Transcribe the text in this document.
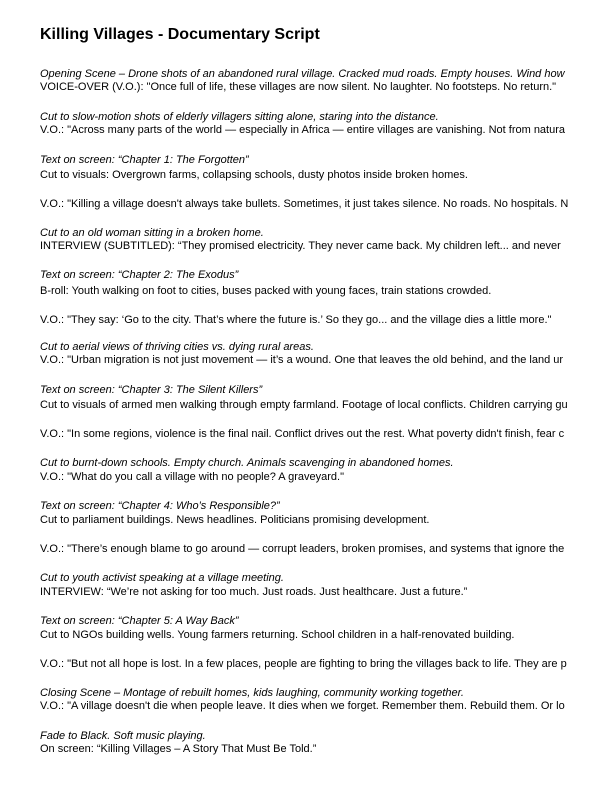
Killing Villages - Documentary Script
Opening Scene – Drone shots of an abandoned rural village. Cracked mud roads. Empty houses. Wind how
VOICE-OVER (V.O.): "Once full of life, these villages are now silent. No laughter. No footsteps. No return."
Cut to slow-motion shots of elderly villagers sitting alone, staring into the distance.
V.O.: "Across many parts of the world — especially in Africa — entire villages are vanishing. Not from natura
Text on screen: “Chapter 1: The Forgotten”
Cut to visuals: Overgrown farms, collapsing schools, dusty photos inside broken homes.
V.O.: "Killing a village doesn't always take bullets. Sometimes, it just takes silence. No roads. No hospitals. N
Cut to an old woman sitting in a broken home.
INTERVIEW (SUBTITLED): “They promised electricity. They never came back. My children left... and never
Text on screen: “Chapter 2: The Exodus”
B-roll: Youth walking on foot to cities, buses packed with young faces, train stations crowded.
V.O.: "They say: ‘Go to the city. That’s where the future is.’ So they go... and the village dies a little more."
Cut to aerial views of thriving cities vs. dying rural areas.
V.O.: "Urban migration is not just movement — it’s a wound. One that leaves the old behind, and the land ur
Text on screen: “Chapter 3: The Silent Killers”
Cut to visuals of armed men walking through empty farmland. Footage of local conflicts. Children carrying gu
V.O.: "In some regions, violence is the final nail. Conflict drives out the rest. What poverty didn't finish, fear c
Cut to burnt-down schools. Empty church. Animals scavenging in abandoned homes.
V.O.: "What do you call a village with no people? A graveyard."
Text on screen: “Chapter 4: Who’s Responsible?”
Cut to parliament buildings. News headlines. Politicians promising development.
V.O.: "There’s enough blame to go around — corrupt leaders, broken promises, and systems that ignore the
Cut to youth activist speaking at a village meeting.
INTERVIEW: “We’re not asking for too much. Just roads. Just healthcare. Just a future.”
Text on screen: “Chapter 5: A Way Back”
Cut to NGOs building wells. Young farmers returning. School children in a half-renovated building.
V.O.: "But not all hope is lost. In a few places, people are fighting to bring the villages back to life. They are p
Closing Scene – Montage of rebuilt homes, kids laughing, community working together.
V.O.: "A village doesn't die when people leave. It dies when we forget. Remember them. Rebuild them. Or lo
Fade to Black. Soft music playing.
On screen: “Killing Villages – A Story That Must Be Told.”
